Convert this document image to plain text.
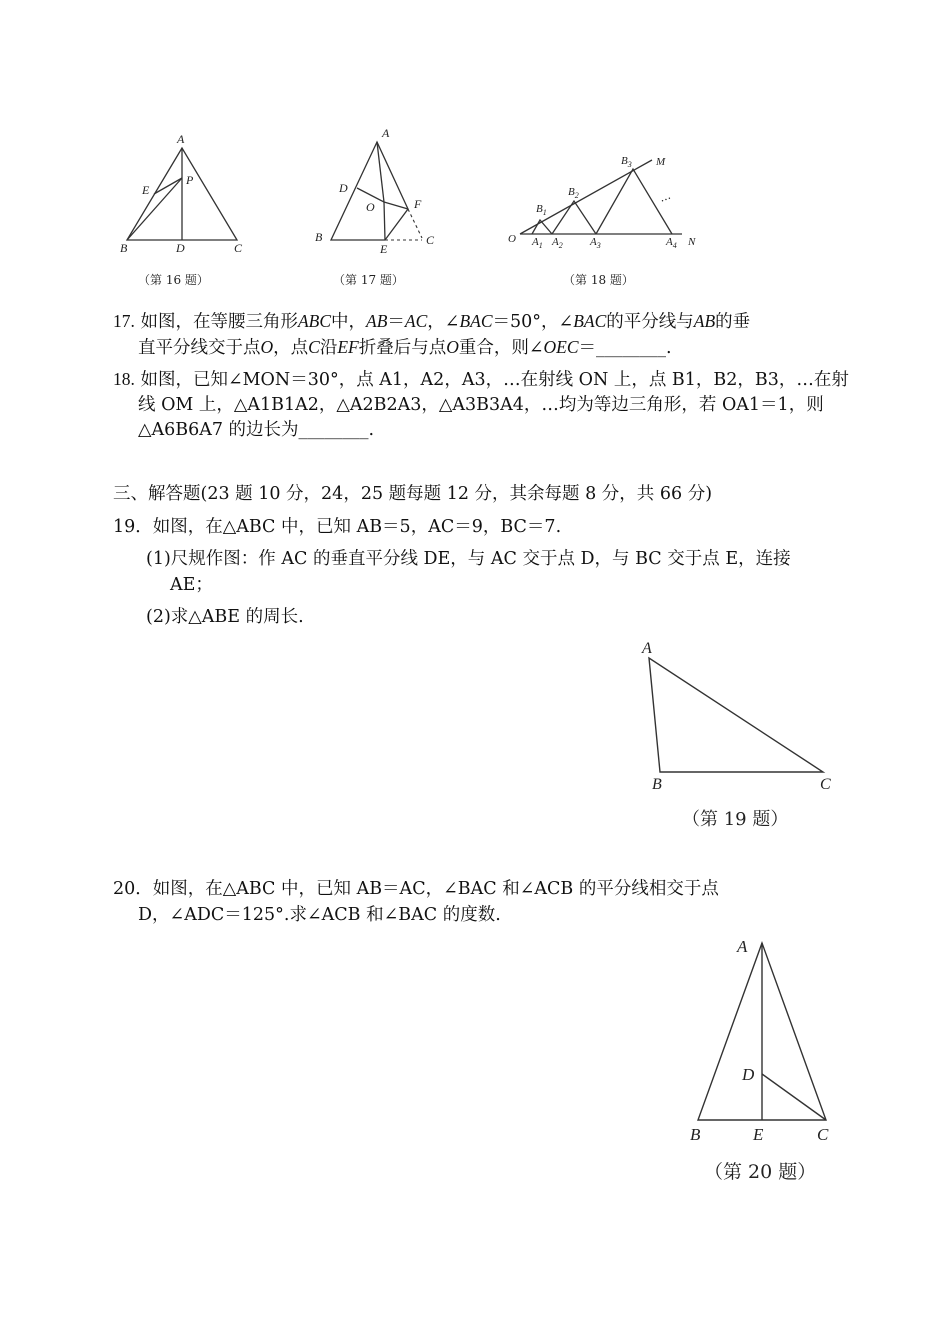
A
E
P
B	D	C
（第 16 题）
A
D
O	F
B
E
C
（第 17 题）
O	N
M
$B_1$
$B_2$
$B_3$
$A_1$ $A_2$ $A_3$	$A_4$
…
（第 18 题）
17. 如图，在等腰三角形ABC中，AB＝AC，∠BAC＝50°，∠BAC的平分线与AB的垂
直平分线交于点O，点C沿EF折叠后与点O重合，则∠OEC＝________.
18. 如图，已知∠MON＝30°，点 A1，A2，A3，…在射线 ON 上，点 B1，B2，B3，…在射
线 OM 上，△A1B1A2，△A2B2A3，△A3B3A4，…均为等边三角形，若 OA1＝1，则
△A6B6A7 的边长为________.
三、解答题(23 题 10 分，24，25 题每题 12 分，其余每题 8 分，共 66 分)
19．如图，在△ABC 中，已知 AB＝5，AC＝9，BC＝7.
(1)尺规作图：作 AC 的垂直平分线 DE，与 AC 交于点 D，与 BC 交于点 E，连接
AE；
(2)求△ABE 的周长.
A
B	C
（第 19 题）
20．如图，在△ABC 中，已知 AB＝AC，∠BAC 和∠ACB 的平分线相交于点
D，∠ADC＝125°.求∠ACB 和∠BAC 的度数.
A
D
B	E	C
（第 20 题）
